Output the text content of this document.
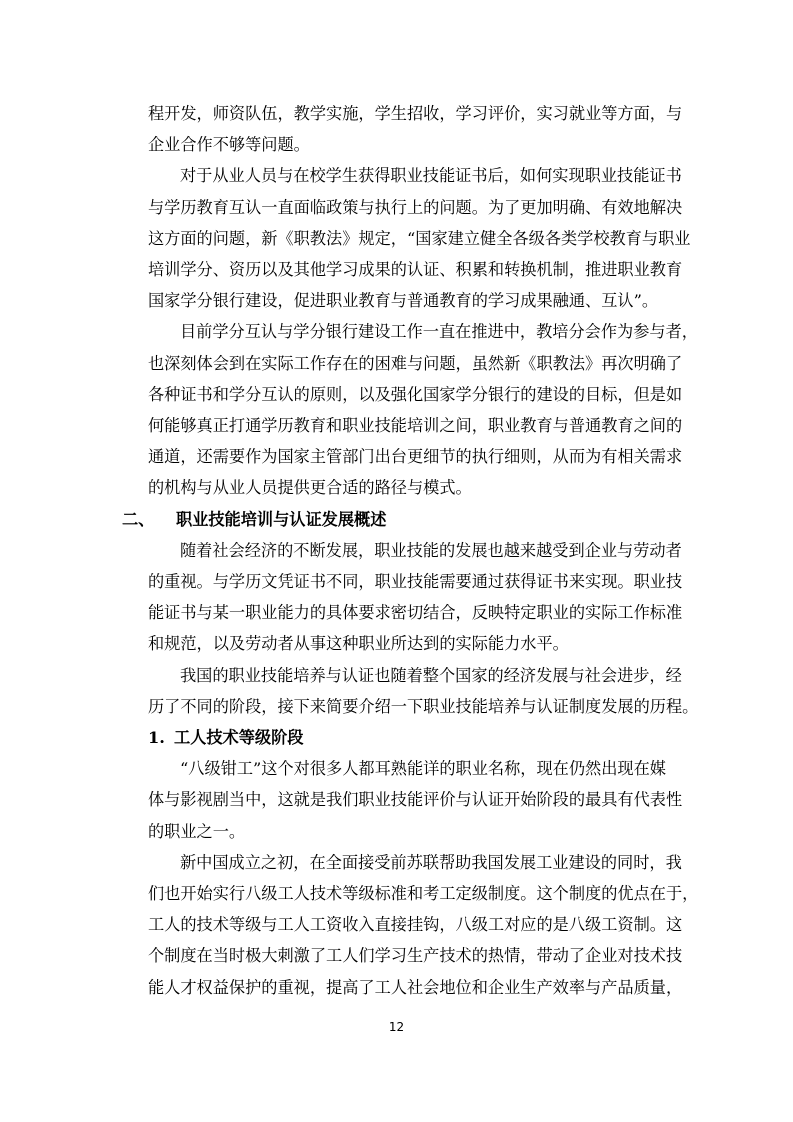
程开发，师资队伍，教学实施，学生招收，学习评价，实习就业等方面，与
企业合作不够等问题。

对于从业人员与在校学生获得职业技能证书后，如何实现职业技能证书
与学历教育互认一直面临政策与执行上的问题。为了更加明确、有效地解决
这方面的问题，新《职教法》规定，“国家建立健全各级各类学校教育与职业
培训学分、资历以及其他学习成果的认证、积累和转换机制，推进职业教育
国家学分银行建设，促进职业教育与普通教育的学习成果融通、互认”。

目前学分互认与学分银行建设工作一直在推进中，教培分会作为参与者，
也深刻体会到在实际工作存在的困难与问题，虽然新《职教法》再次明确了
各种证书和学分互认的原则，以及强化国家学分银行的建设的目标，但是如
何能够真正打通学历教育和职业技能培训之间，职业教育与普通教育之间的
通道，还需要作为国家主管部门出台更细节的执行细则，从而为有相关需求
的机构与从业人员提供更合适的路径与模式。

二、 职业技能培训与认证发展概述

随着社会经济的不断发展，职业技能的发展也越来越受到企业与劳动者
的重视。与学历文凭证书不同，职业技能需要通过获得证书来实现。职业技
能证书与某一职业能力的具体要求密切结合，反映特定职业的实际工作标准
和规范，以及劳动者从事这种职业所达到的实际能力水平。

我国的职业技能培养与认证也随着整个国家的经济发展与社会进步，经
历了不同的阶段，接下来简要介绍一下职业技能培养与认证制度发展的历程。

1. 工人技术等级阶段

“八级钳工”这个对很多人都耳熟能详的职业名称，现在仍然出现在媒
体与影视剧当中，这就是我们职业技能评价与认证开始阶段的最具有代表性
的职业之一。

新中国成立之初，在全面接受前苏联帮助我国发展工业建设的同时，我
们也开始实行八级工人技术等级标准和考工定级制度。这个制度的优点在于，
工人的技术等级与工人工资收入直接挂钩，八级工对应的是八级工资制。这
个制度在当时极大刺激了工人们学习生产技术的热情，带动了企业对技术技
能人才权益保护的重视，提高了工人社会地位和企业生产效率与产品质量，

12
